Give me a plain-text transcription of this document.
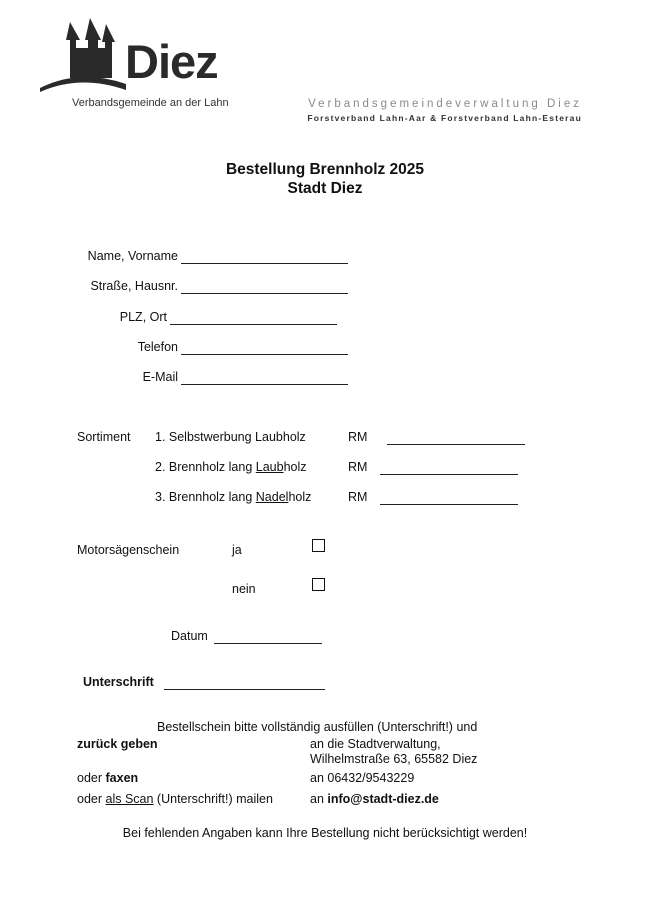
Diez
Verbandsgemeinde an der Lahn	Verbandsgemeindeverwaltung Diez
Forstverband Lahn-Aar & Forstverband Lahn-Esterau
Bestellung Brennholz 2025
Stadt Diez
Name, Vorname
Straße, Hausnr.
PLZ, Ort
Telefon
E-Mail
Sortiment 1. Selbstwerbung Laubholz	RM
2. Brennholz lang Laubholz	RM
3. Brennholz lang Nadelholz	RM
Motorsägenschein	ja
nein
Datum
Unterschrift
Bestellschein bitte vollständig ausfüllen (Unterschrift!) und
zurück geben	an die Stadtverwaltung,
Wilhelmstraße 63, 65582 Diez
oder faxen	an 06432/9543229
oder als Scan (Unterschrift!) mailen	an info@stadt-diez.de
Bei fehlenden Angaben kann Ihre Bestellung nicht berücksichtigt werden!
